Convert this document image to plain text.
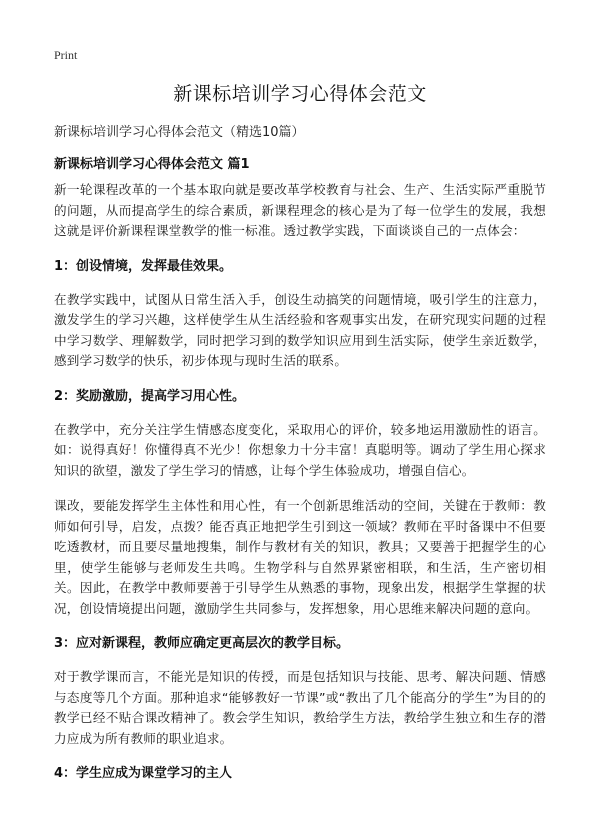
Print
新课标培训学习心得体会范文
新课标培训学习心得体会范文（精选10篇）
新课标培训学习心得体会范文 篇1

新一轮课程改革的一个基本取向就是要改革学校教育与社会、生产、生活实际严重脱节的问题，从而提高学生的综合素质，新课程理念的核心是为了每一位学生的发展，我想这就是评价新课程课堂教学的惟一标准。透过教学实践，下面谈谈自己的一点体会：

1：创设情境，发挥最佳效果。

在教学实践中，试图从日常生活入手，创设生动搞笑的问题情境，吸引学生的注意力，激发学生的学习兴趣，这样使学生从生活经验和客观事实出发，在研究现实问题的过程中学习数学、理解数学，同时把学习到的数学知识应用到生活实际，使学生亲近数学，感到学习数学的快乐，初步体现与现时生活的联系。

2：奖励激励，提高学习用心性。

在教学中，充分关注学生情感态度变化，采取用心的评价，较多地运用激励性的语言。如：说得真好！你懂得真不光少！你想象力十分丰富！真聪明等。调动了学生用心探求知识的欲望，激发了学生学习的情感，让每个学生体验成功，增强自信心。

课改，要能发挥学生主体性和用心性，有一个创新思维活动的空间，关键在于教师：教师如何引导，启发，点拨？能否真正地把学生引到这一领域？教师在平时备课中不但要吃透教材，而且要尽量地搜集，制作与教材有关的知识，教具；又要善于把握学生的心里，使学生能够与老师发生共鸣。生物学科与自然界紧密相联，和生活，生产密切相关。因此，在教学中教师要善于引导学生从熟悉的事物，现象出发，根据学生掌握的状况，创设情境提出问题，激励学生共同参与，发挥想象，用心思维来解决问题的意向。

3：应对新课程，教师应确定更高层次的教学目标。

对于教学课而言，不能光是知识的传授，而是包括知识与技能、思考、解决问题、情感与态度等几个方面。那种追求“能够教好一节课”或“教出了几个能高分的学生”为目的的教学已经不贴合课改精神了。教会学生知识，教给学生方法，教给学生独立和生存的潜力应成为所有教师的职业追求。

4：学生应成为课堂学习的主人
